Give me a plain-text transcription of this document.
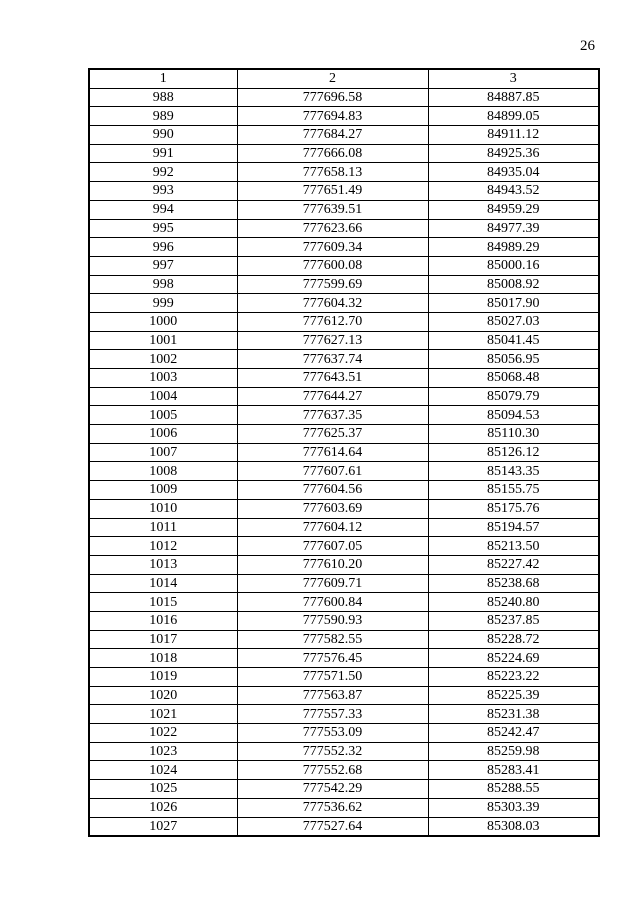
26
1	2	3
988	777696.58	84887.85
989	777694.83	84899.05
990	777684.27	84911.12
991	777666.08	84925.36
992	777658.13	84935.04
993	777651.49	84943.52
994	777639.51	84959.29
995	777623.66	84977.39
996	777609.34	84989.29
997	777600.08	85000.16
998	777599.69	85008.92
999	777604.32	85017.90
1000	777612.70	85027.03
1001	777627.13	85041.45
1002	777637.74	85056.95
1003	777643.51	85068.48
1004	777644.27	85079.79
1005	777637.35	85094.53
1006	777625.37	85110.30
1007	777614.64	85126.12
1008	777607.61	85143.35
1009	777604.56	85155.75
1010	777603.69	85175.76
1011	777604.12	85194.57
1012	777607.05	85213.50
1013	777610.20	85227.42
1014	777609.71	85238.68
1015	777600.84	85240.80
1016	777590.93	85237.85
1017	777582.55	85228.72
1018	777576.45	85224.69
1019	777571.50	85223.22
1020	777563.87	85225.39
1021	777557.33	85231.38
1022	777553.09	85242.47
1023	777552.32	85259.98
1024	777552.68	85283.41
1025	777542.29	85288.55
1026	777536.62	85303.39
1027	777527.64	85308.03
